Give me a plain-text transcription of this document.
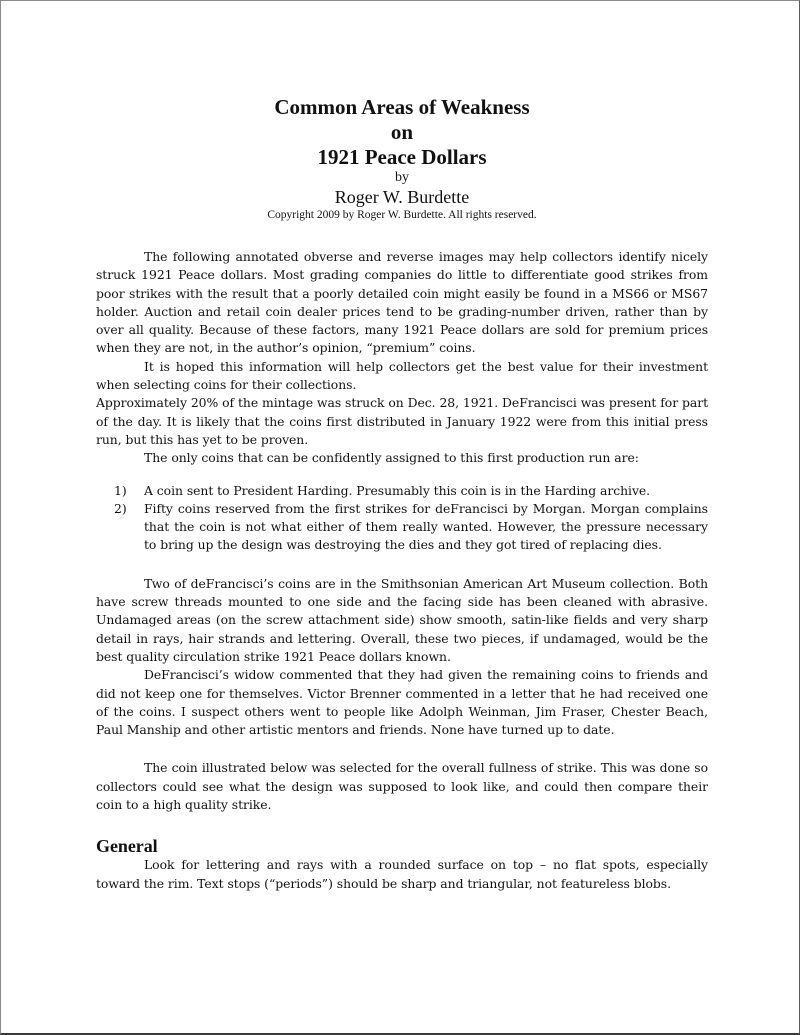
Common Areas of Weakness
on
1921 Peace Dollars
by
Roger W. Burdette
Copyright 2009 by Roger W. Burdette. All rights reserved.

The following annotated obverse and reverse images may help collectors identify nicely struck 1921 Peace dollars. Most grading companies do little to differentiate good strikes from poor strikes with the result that a poorly detailed coin might easily be found in a MS66 or MS67 holder. Auction and retail coin dealer prices tend to be grading-number driven, rather than by over all quality. Because of these factors, many 1921 Peace dollars are sold for premium prices when they are not, in the author’s opinion, “premium” coins.

It is hoped this information will help collectors get the best value for their investment when selecting coins for their collections.

Approximately 20% of the mintage was struck on Dec. 28, 1921. DeFrancisci was present for part of the day. It is likely that the coins first distributed in January 1922 were from this initial press run, but this has yet to be proven.

The only coins that can be confidently assigned to this first production run are:

1) A coin sent to President Harding. Presumably this coin is in the Harding archive.
2) Fifty coins reserved from the first strikes for deFrancisci by Morgan. Morgan complains that the coin is not what either of them really wanted. However, the pressure necessary to bring up the design was destroying the dies and they got tired of replacing dies.

Two of deFrancisci’s coins are in the Smithsonian American Art Museum collection. Both have screw threads mounted to one side and the facing side has been cleaned with abrasive. Undamaged areas (on the screw attachment side) show smooth, satin-like fields and very sharp detail in rays, hair strands and lettering. Overall, these two pieces, if undamaged, would be the best quality circulation strike 1921 Peace dollars known.

DeFrancisci’s widow commented that they had given the remaining coins to friends and did not keep one for themselves. Victor Brenner commented in a letter that he had received one of the coins. I suspect others went to people like Adolph Weinman, Jim Fraser, Chester Beach, Paul Manship and other artistic mentors and friends. None have turned up to date.

The coin illustrated below was selected for the overall fullness of strike. This was done so collectors could see what the design was supposed to look like, and could then compare their coin to a high quality strike.

General

Look for lettering and rays with a rounded surface on top – no flat spots, especially toward the rim. Text stops (“periods”) should be sharp and triangular, not featureless blobs.
